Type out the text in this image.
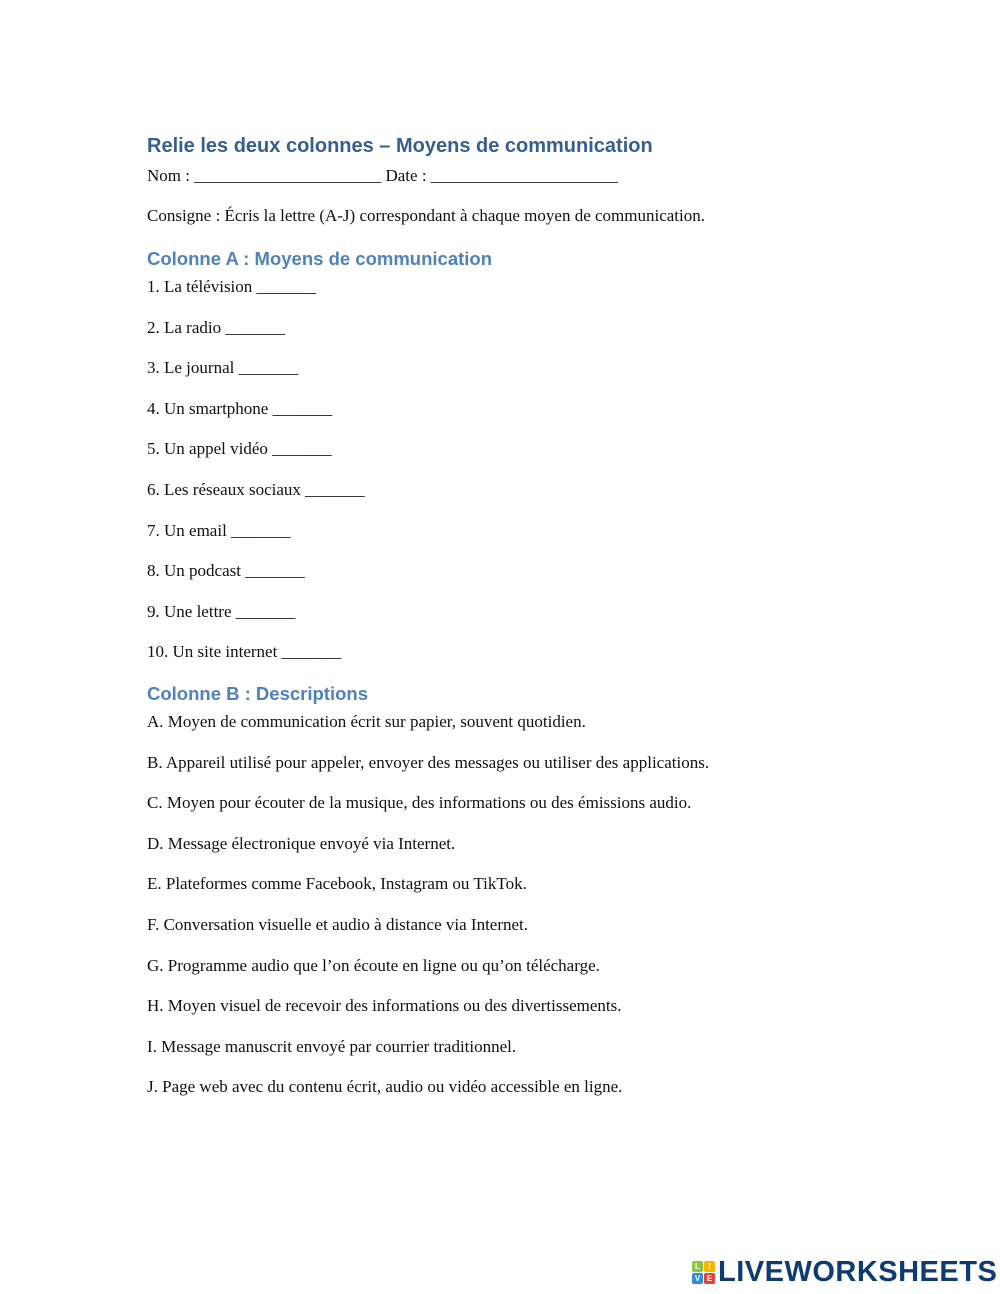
Relie les deux colonnes – Moyens de communication
Nom : ______________________ Date : ______________________
Consigne : Écris la lettre (A-J) correspondant à chaque moyen de communication.
Colonne A : Moyens de communication
1. La télévision _______
2. La radio _______
3. Le journal _______
4. Un smartphone _______
5. Un appel vidéo _______
6. Les réseaux sociaux _______
7. Un email _______
8. Un podcast _______
9. Une lettre _______
10. Un site internet _______
Colonne B : Descriptions
A. Moyen de communication écrit sur papier, souvent quotidien.
B. Appareil utilisé pour appeler, envoyer des messages ou utiliser des applications.
C. Moyen pour écouter de la musique, des informations ou des émissions audio.
D. Message électronique envoyé via Internet.
E. Plateformes comme Facebook, Instagram ou TikTok.
F. Conversation visuelle et audio à distance via Internet.
G. Programme audio que l’on écoute en ligne ou qu’on télécharge.
H. Moyen visuel de recevoir des informations ou des divertissements.
I. Message manuscrit envoyé par courrier traditionnel.
J. Page web avec du contenu écrit, audio ou vidéo accessible en ligne.
L	I
V E LIVEWORKSHEETS
